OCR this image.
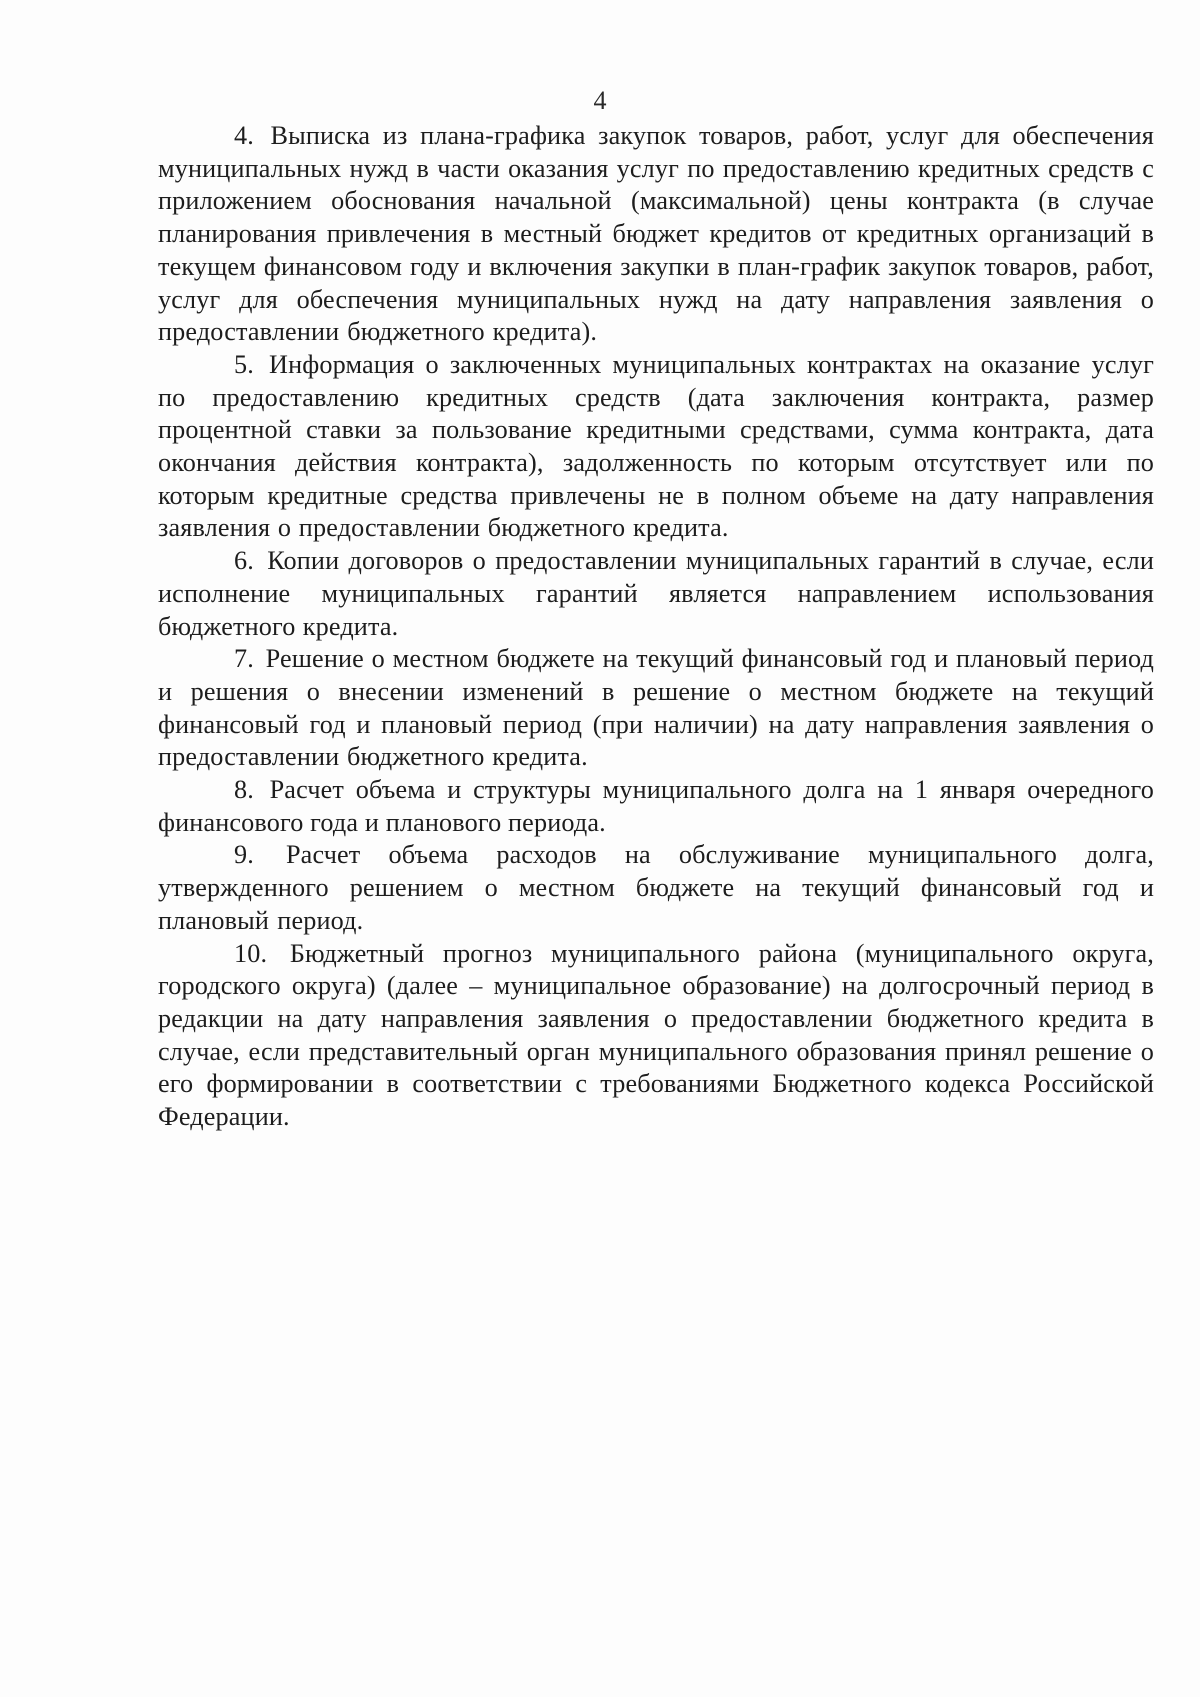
4

4. Выписка из плана-графика закупок товаров, работ, услуг для обеспечения муниципальных нужд в части оказания услуг по предоставлению кредитных средств с приложением обоснования начальной (максимальной) цены контракта (в случае планирования привлечения в местный бюджет кредитов от кредитных организаций в текущем финансовом году и включения закупки в план-график закупок товаров, работ, услуг для обеспечения муниципальных нужд на дату направления заявления о предоставлении бюджетного кредита).

5. Информация о заключенных муниципальных контрактах на оказание услуг по предоставлению кредитных средств (дата заключения контракта, размер процентной ставки за пользование кредитными средствами, сумма контракта, дата окончания действия контракта), задолженность по которым отсутствует или по которым кредитные средства привлечены не в полном объеме на дату направления заявления о предоставлении бюджетного кредита.

6. Копии договоров о предоставлении муниципальных гарантий в случае, если исполнение муниципальных гарантий является направлением использования бюджетного кредита.

7. Решение о местном бюджете на текущий финансовый год и плановый период и решения о внесении изменений в решение о местном бюджете на текущий финансовый год и плановый период (при наличии) на дату направления заявления о предоставлении бюджетного кредита.

8. Расчет объема и структуры муниципального долга на 1 января очередного финансового года и планового периода.

9. Расчет объема расходов на обслуживание муниципального долга, утвержденного решением о местном бюджете на текущий финансовый год и плановый период.

10. Бюджетный прогноз муниципального района (муниципального округа, городского округа) (далее – муниципальное образование) на долгосрочный период в редакции на дату направления заявления о предоставлении бюджетного кредита в случае, если представительный орган муниципального образования принял решение о его формировании в соответствии с требованиями Бюджетного кодекса Российской Федерации.
